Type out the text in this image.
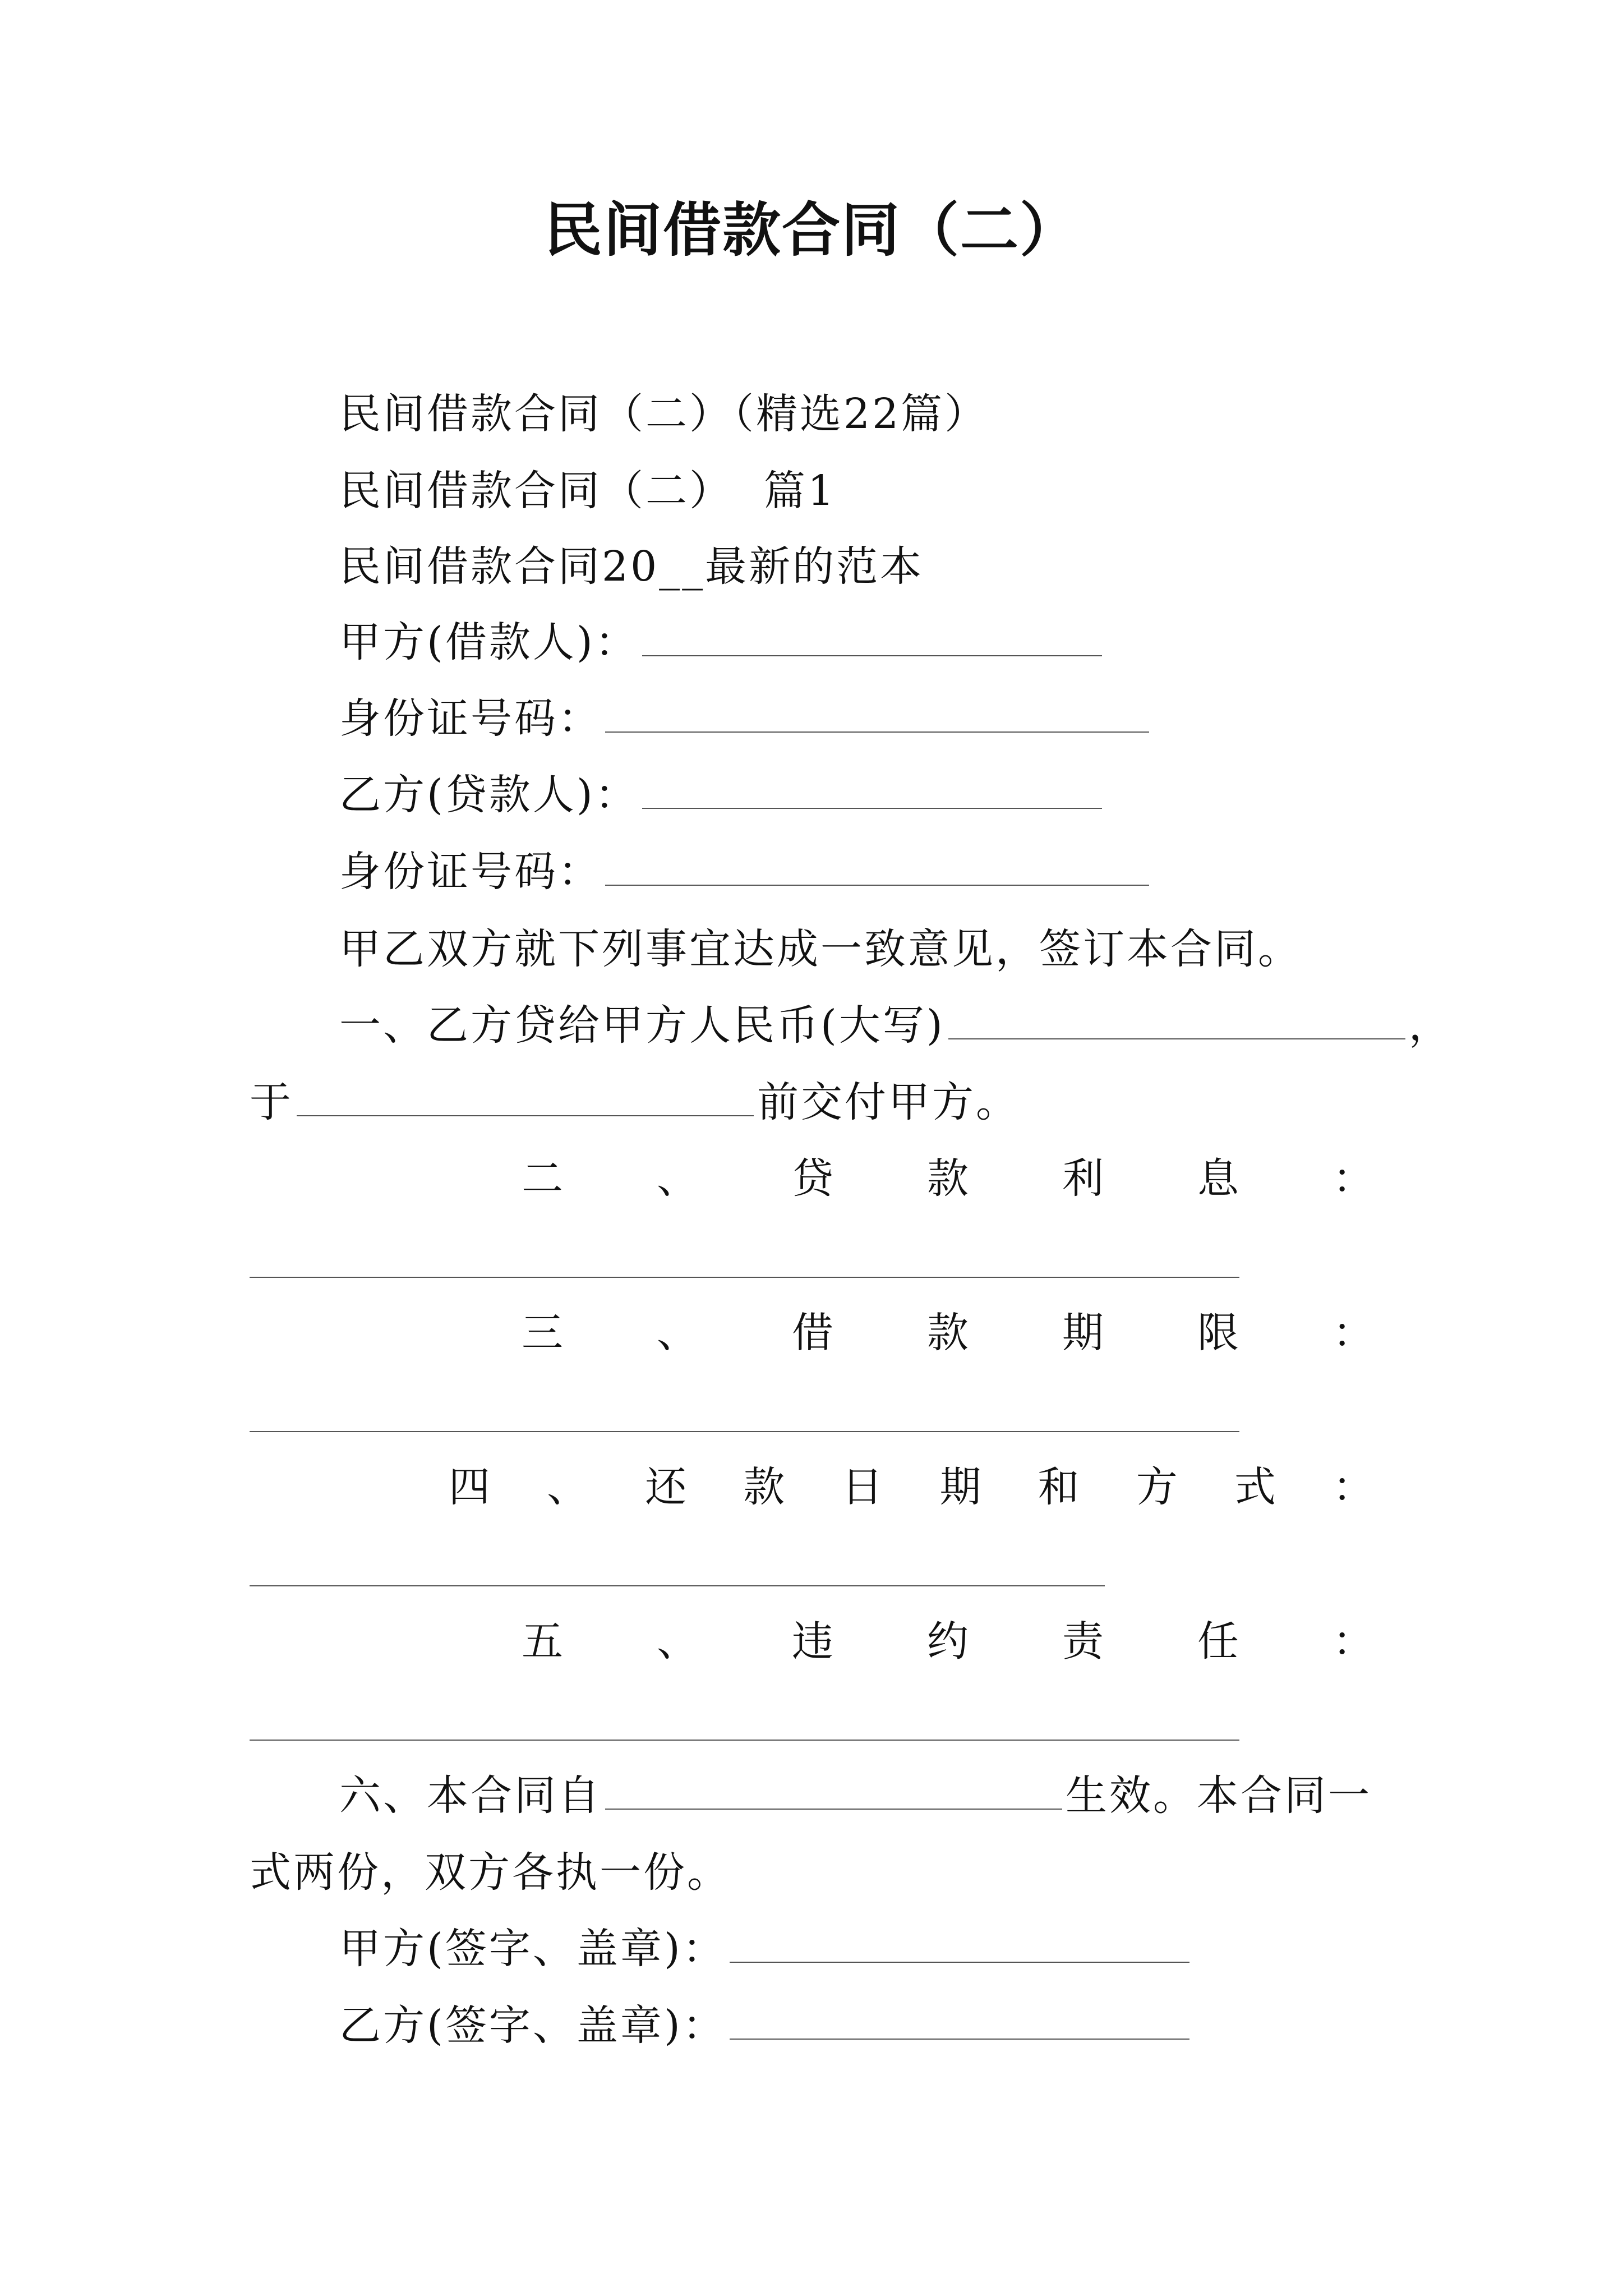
民间借款合同（二）
民间借款合同（二）（精选22篇）
民间借款合同（二）  篇1
民间借款合同20__最新的范本
甲方(借款人)：
身份证号码：
乙方(贷款人)：
身份证号码：
甲乙双方就下列事宜达成一致意见，签订本合同。
一、乙方贷给甲方人民币(大写)	，
于	前交付甲方。
二 、 贷 款 利 息 ：
三 、 借 款 期 限 ：
四 、 还 款 日 期 和 方 式 ：
五 、 违 约 责 任 ：
六、本合同自	生效。本合同一
式两份，双方各执一份。
甲方(签字、盖章)：
乙方(签字、盖章)：
